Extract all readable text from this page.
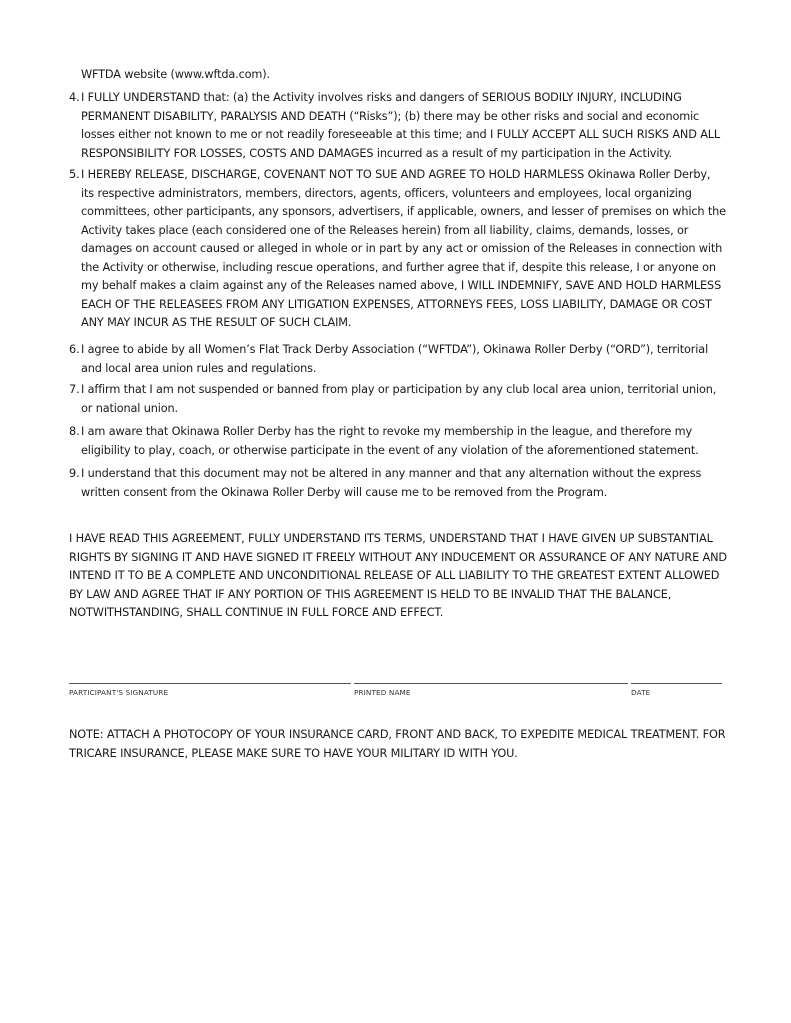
WFTDA website (www.wftda.com).
4. I FULLY UNDERSTAND that: (a) the Activity involves risks and dangers of SERIOUS BODILY INJURY, INCLUDING PERMANENT DISABILITY, PARALYSIS AND DEATH (“Risks”); (b) there may be other risks and social and economic losses either not known to me or not readily foreseeable at this time; and I FULLY ACCEPT ALL SUCH RISKS AND ALL RESPONSIBILITY FOR LOSSES, COSTS AND DAMAGES incurred as a result of my participation in the Activity.
5. I HEREBY RELEASE, DISCHARGE, COVENANT NOT TO SUE AND AGREE TO HOLD HARMLESS Okinawa Roller Derby, its respective administrators, members, directors, agents, officers, volunteers and employees, local organizing committees, other participants, any sponsors, advertisers, if applicable, owners, and lesser of premises on which the Activity takes place (each considered one of the Releases herein) from all liability, claims, demands, losses, or damages on account caused or alleged in whole or in part by any act or omission of the Releases in connection with the Activity or otherwise, including rescue operations, and further agree that if, despite this release, I or anyone on my behalf makes a claim against any of the Releases named above, I WILL INDEMNIFY, SAVE AND HOLD HARMLESS EACH OF THE RELEASEES FROM ANY LITIGATION EXPENSES, ATTORNEYS FEES, LOSS LIABILITY, DAMAGE OR COST ANY MAY INCUR AS THE RESULT OF SUCH CLAIM.
6. I agree to abide by all Women’s Flat Track Derby Association (“WFTDA”), Okinawa Roller Derby (“ORD”), territorial and local area union rules and regulations.
7. I affirm that I am not suspended or banned from play or participation by any club local area union, territorial union, or national union.
8. I am aware that Okinawa Roller Derby has the right to revoke my membership in the league, and therefore my eligibility to play, coach, or otherwise participate in the event of any violation of the aforementioned statement.
9. I understand that this document may not be altered in any manner and that any alternation without the express written consent from the Okinawa Roller Derby will cause me to be removed from the Program.
I HAVE READ THIS AGREEMENT, FULLY UNDERSTAND ITS TERMS, UNDERSTAND THAT I HAVE GIVEN UP SUBSTANTIAL RIGHTS BY SIGNING IT AND HAVE SIGNED IT FREELY WITHOUT ANY INDUCEMENT OR ASSURANCE OF ANY NATURE AND INTEND IT TO BE A COMPLETE AND UNCONDITIONAL RELEASE OF ALL LIABILITY TO THE GREATEST EXTENT ALLOWED BY LAW AND AGREE THAT IF ANY PORTION OF THIS AGREEMENT IS HELD TO BE INVALID THAT THE BALANCE, NOTWITHSTANDING, SHALL CONTINUE IN FULL FORCE AND EFFECT.
PARTICIPANT'S SIGNATURE	PRINTED NAME	DATE
NOTE: ATTACH A PHOTOCOPY OF YOUR INSURANCE CARD, FRONT AND BACK, TO EXPEDITE MEDICAL TREATMENT. FOR TRICARE INSURANCE, PLEASE MAKE SURE TO HAVE YOUR MILITARY ID WITH YOU.
